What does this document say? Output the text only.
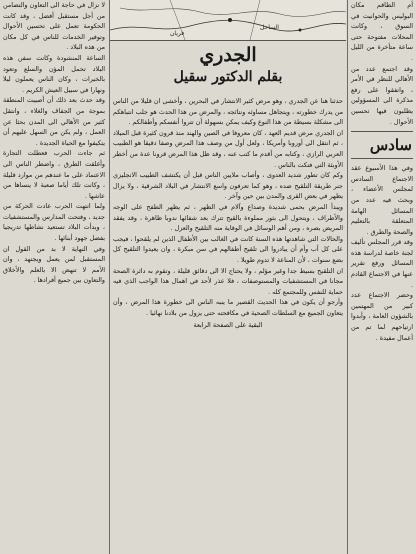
الساحل
فريان
الجدري
بقلم الدكتور سقيل

حدثنا هنا عن الجدري ، وهو مرض كثير الانتشار في البحرين ، وأخشى ان قليلا من الناس من يدرك خطورته ، ويتجاهل مساوئه ونتائجه ، والمرض من هذا الحدث هو جلب انتباهكم الى مشكلة بسيطة من هذا النوع وكيف يمكن بسهولة أن تتروا أنفسكم وأطفالكم .

ان الجدري مرض قديم العهد ، كان معروفا في الصين والهند منذ قرون كثيرة قبل الميلاد ، ثم انتقل الى أوروبا وأمريكا ، ولعل أول من وصف هذا المرض وصفا دقيقا هو الطبيب العربي الرازي ، وكتابه من أقدم ما كتب عنه ، وقد ظل هذا المرض قرونا عدة من أخطر الأوبئة التي فتكت بالناس .

وكم كان تطور شديد العدوى ، وأصاب ملايين الناس قبل أن يكتشف الطبيب الانجليزي جنر طريقة التلقيح ضده ، وهو كما تعرفون واسع الانتشار في البلاد الشرقية ، ولا يزال يظهر في بعض القرى والمدن بين حين وآخر .

ويبدأ المرض بحمى شديدة وصداع وآلام في الظهر ، ثم يظهر الطفح على الوجه والأطراف ، ويتحول الى بثور مملوءة بالقيح تترك بعد شفائها ندوبا ظاهرة ، وقد يفقد المريض بصره ، ومن أهم الوسائل في الوقاية منه التلقيح والعزل .

والحالات التي شاهدتها هذه السنة كانت في الغالب بين الأطفال الذين لم يلقحوا ، فيجب على كل أب وأم أن يبادروا الى تلقيح أطفالهم في سن مبكرة ، وان يعيدوا التلقيح كل بضع سنوات ، لأن المناعة لا تدوم طويلا .

ان التلقيح بسيط جدا وغير مؤلم ، ولا يحتاج الا الى دقائق قليلة ، وتقوم به دائرة الصحة مجانا في المستشفيات والمستوصفات ، فلا عذر لأحد في اهمال هذا الواجب الذي فيه حماية للنفس وللمجتمع كله .

وأرجو أن يكون في هذا الحديث القصير ما ينبه الناس الى خطورة هذا المرض ، وأن يتعاون الجميع مع السلطات الصحية في مكافحته حتى يزول من بلادنا نهائيا .

البقية على الصفحة الرابعة

لا نزال في حاجة الى التعاون والتضامن من أجل مستقبل أفضل ، وقد كانت الحكومة تعمل على تحسين الأحوال وتوفير الخدمات للناس في كل مكان من هذه البلاد .

الساعة المنشودة وكانت سفن هذه البلاد تحمل المؤن والسلع وتعود بالخيرات ، وكان الناس يعملون ليلا ونهارا في سبيل العيش الكريم .

وقد حدث بعد ذلك أن أصيبت المنطقة بموجة من الجفاف والغلاء ، وانتقل كثير من الأهالي الى المدن بحثا عن العمل ، ولم يكن من السهل عليهم أن يتكيفوا مع الحياة الجديدة .

ثم جاءت الحرب فعطلت التجارة وأغلقت الطرق ، واضطر الناس الى الاعتماد على ما عندهم من موارد قليلة ، وكانت تلك أياما صعبة لا ينساها من عاشها .

ولما انتهت الحرب عادت الحركة من جديد ، وفتحت المدارس والمستشفيات ، وبدأت البلاد تستعيد نشاطها تدريجيا بفضل جهود أبنائها .

وفي النهاية لا بد من القول ان المستقبل لمن يعمل ويجتهد ، وان الأمم لا تنهض الا بالعلم والأخلاق والتعاون بين جميع أفرادها .

أم الطاقم مكان البوليس والحوانيت في السوق ، وكانت المحلات مفتوحة حتى ساعة متأخرة من الليل .

وقد اجتمع عدد من الأهالي للنظر في الأمر ، واتفقوا على رفع مذكرة الى المسؤولين يطلبون فيها تحسين الأحوال .

سادس

وفي هذا الأسبوع عقد الاجتماع السادس لمجلس الأعضاء ، وبحث فيه عدد من المسائل الهامة المتعلقة بالتعليم والصحة والطرق .

وقد قرر المجلس تأليف لجنة خاصة لدراسة هذه المسائل ورفع تقرير عنها في الاجتماع القادم .

وحضر الاجتماع عدد كبير من المهتمين بالشؤون العامة ، وأبدوا ارتياحهم لما تم من أعمال مفيدة .
